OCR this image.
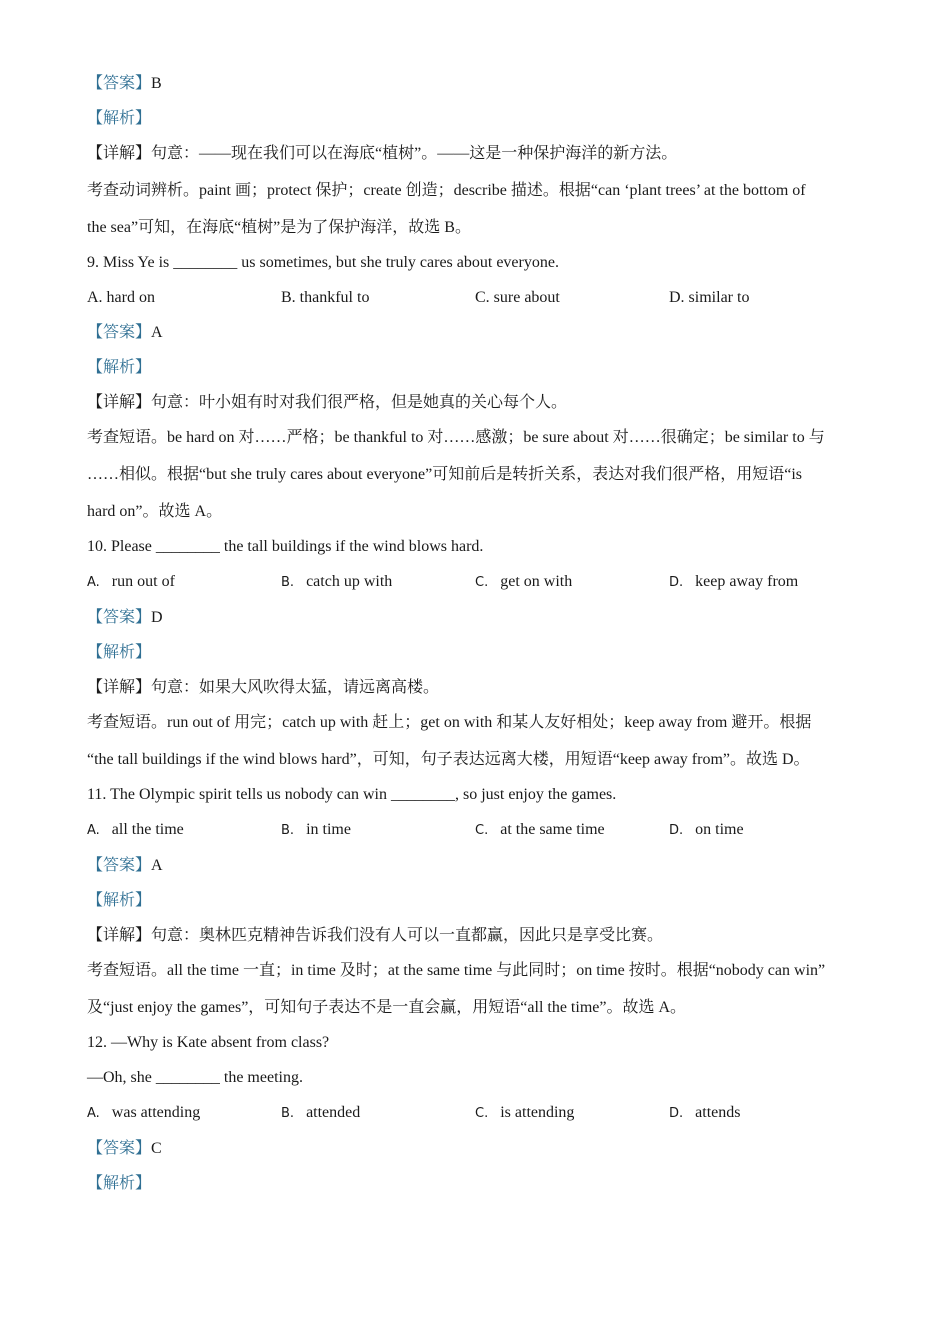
【答案】B

【解析】

【详解】句意：——现在我们可以在海底“植树”。——这是一种保护海洋的新方法。

考查动词辨析。paint 画；protect 保护；create 创造；describe 描述。根据“can ‘plant trees’ at the bottom of

the sea”可知，在海底“植树”是为了保护海洋，故选 B。

9. Miss Ye is ________ us sometimes, but she truly cares about everyone.

A. hard on	B. thankful to	C. sure about	D. similar to

【答案】A

【解析】

【详解】句意：叶小姐有时对我们很严格，但是她真的关心每个人。

考查短语。be hard on 对……严格；be thankful to 对……感激；be sure about 对……很确定；be similar to 与

……相似。根据“but she truly cares about everyone”可知前后是转折关系，表达对我们很严格，用短语“is

hard on”。故选 A。

10. Please ________ the tall buildings if the wind blows hard.

A. run out of	B. catch up with	C. get on with	D. keep away from

【答案】D

【解析】

【详解】句意：如果大风吹得太猛，请远离高楼。

考查短语。run out of 用完；catch up with 赶上；get on with 和某人友好相处；keep away from 避开。根据

“the tall buildings if the wind blows hard”，可知，句子表达远离大楼，用短语“keep away from”。故选 D。

11. The Olympic spirit tells us nobody can win ________, so just enjoy the games.

A. all the time	B. in time	C. at the same time	D. on time

【答案】A

【解析】

【详解】句意：奥林匹克精神告诉我们没有人可以一直都赢，因此只是享受比赛。

考查短语。all the time 一直；in time 及时；at the same time 与此同时；on time 按时。根据“nobody can win”

及“just enjoy the games”，可知句子表达不是一直会赢，用短语“all the time”。故选 A。

12. —Why is Kate absent from class?

—Oh, she ________ the meeting.

A. was attending	B. attended	C. is attending	D. attends

【答案】C

【解析】
